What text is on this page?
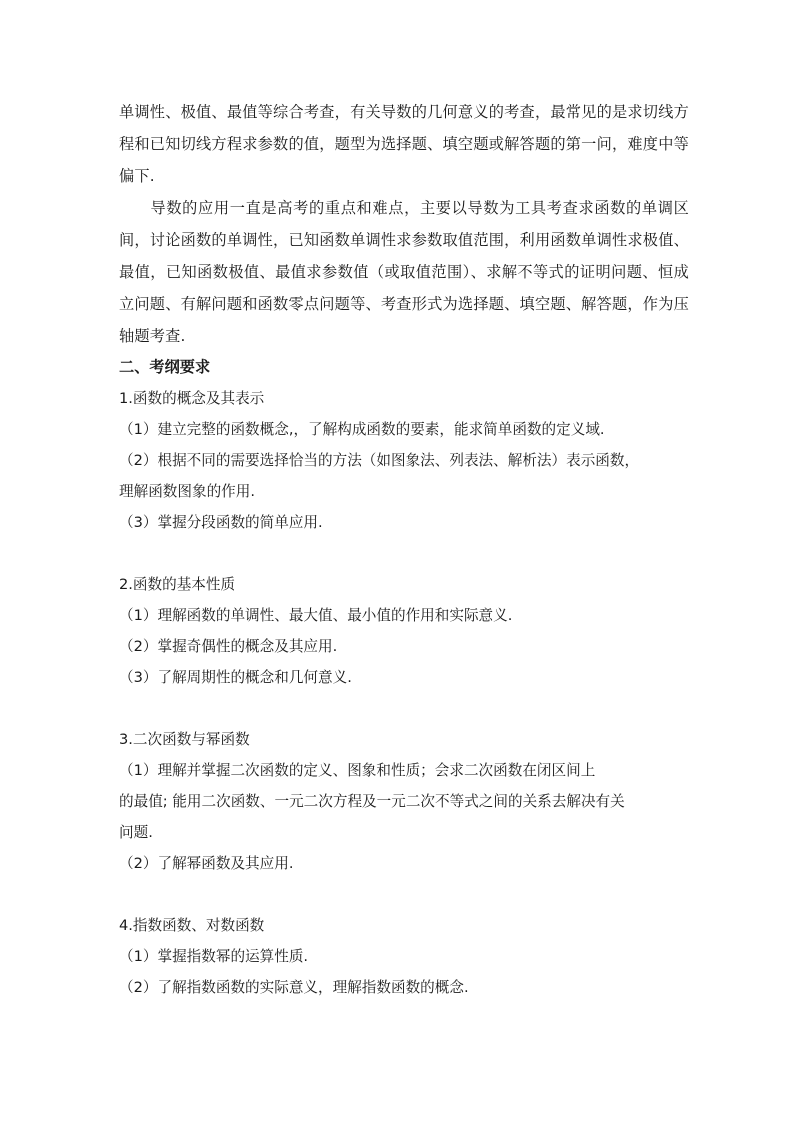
单调性、极值、最值等综合考查，有关导数的几何意义的考查，最常见的是求切线方程和已知切线方程求参数的值，题型为选择题、填空题或解答题的第一问，难度中等偏下.

导数的应用一直是高考的重点和难点，主要以导数为工具考查求函数的单调区间，讨论函数的单调性，已知函数单调性求参数取值范围，利用函数单调性求极值、最值，已知函数极值、最值求参数值（或取值范围）、求解不等式的证明问题、恒成立问题、有解问题和函数零点问题等、考查形式为选择题、填空题、解答题，作为压轴题考查.

二、考纲要求

1.函数的概念及其表示

（1）建立完整的函数概念,，了解构成函数的要素，能求简单函数的定义域.

（2）根据不同的需要选择恰当的方法（如图象法、列表法、解析法）表示函数，

理解函数图象的作用.

（3）掌握分段函数的简单应用.

2.函数的基本性质

（1）理解函数的单调性、最大值、最小值的作用和实际意义.

（2）掌握奇偶性的概念及其应用.

（3）了解周期性的概念和几何意义.

3.二次函数与幂函数

（1）理解并掌握二次函数的定义、图象和性质；会求二次函数在闭区间上

的最值; 能用二次函数、一元二次方程及一元二次不等式之间的关系去解决有关

问题.

（2）了解幂函数及其应用.

4.指数函数、对数函数

（1）掌握指数幂的运算性质.

（2）了解指数函数的实际意义，理解指数函数的概念.
